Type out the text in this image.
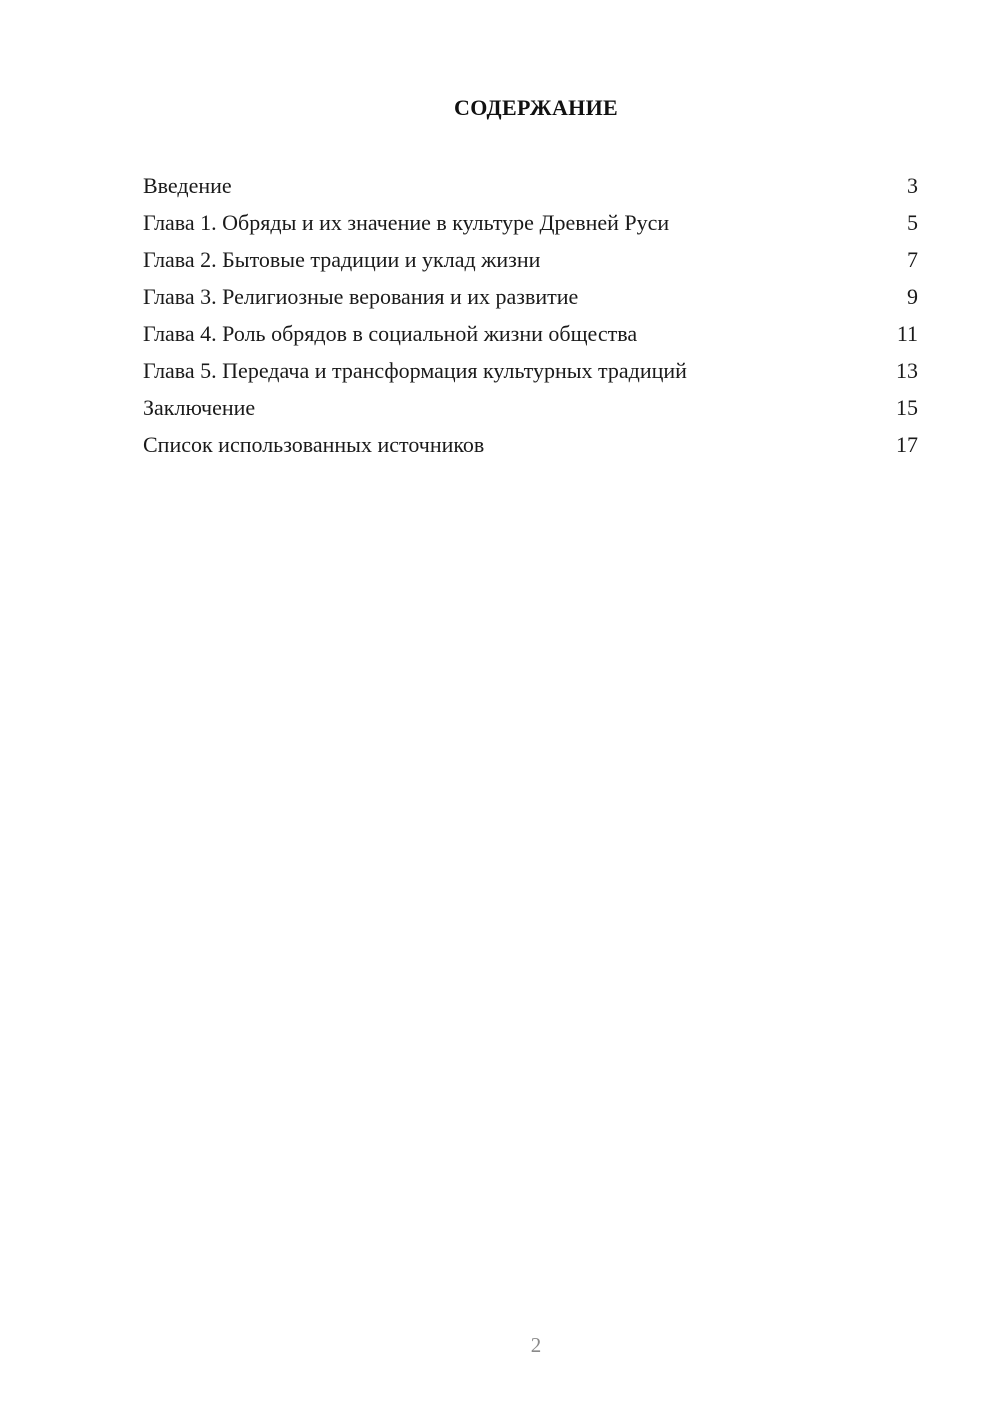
СОДЕРЖАНИЕ
Введение	3
Глава 1. Обряды и их значение в культуре Древней Руси	5
Глава 2. Бытовые традиции и уклад жизни	7
Глава 3. Религиозные верования и их развитие	9
Глава 4. Роль обрядов в социальной жизни общества	11
Глава 5. Передача и трансформация культурных традиций	13
Заключение	15
Список использованных источников	17
2
